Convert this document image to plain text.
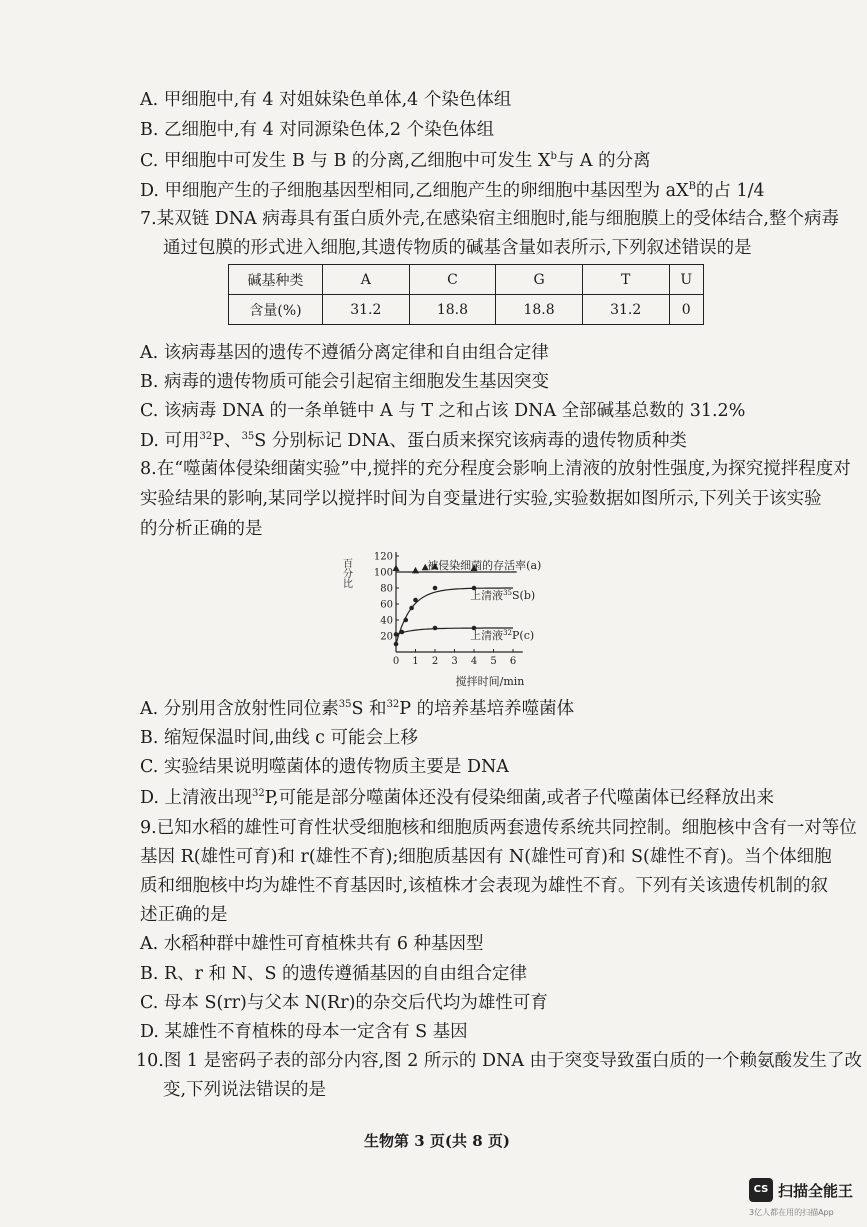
A. 甲细胞中,有 4 对姐妹染色单体,4 个染色体组
B. 乙细胞中,有 4 对同源染色体,2 个染色体组
C. 甲细胞中可发生 B 与 B 的分离,乙细胞中可发生 $X^b$与 A 的分离
D. 甲细胞产生的子细胞基因型相同,乙细胞产生的卵细胞中基因型为 $aX^B$的占 1/4
7.某双链 DNA 病毒具有蛋白质外壳,在感染宿主细胞时,能与细胞膜上的受体结合,整个病毒
通过包膜的形式进入细胞,其遗传物质的碱基含量如表所示,下列叙述错误的是
碱基种类	A	C	G	T	U
含量(%)	31.2	18.8	18.8	31.2	0
A. 该病毒基因的遗传不遵循分离定律和自由组合定律
B. 病毒的遗传物质可能会引起宿主细胞发生基因突变
C. 该病毒 DNA 的一条单链中 A 与 T 之和占该 DNA 全部碱基总数的 31.2%
D. 可用$^{32}$P、$^{35}$S 分别标记 DNA、蛋白质来探究该病毒的遗传物质种类
8.在“噬菌体侵染细菌实验”中,搅拌的充分程度会影响上清液的放射性强度,为探究搅拌程度对
实验结果的影响,某同学以搅拌时间为自变量进行实验,实验数据如图所示,下列关于该实验
的分析正确的是
百分比
20
40
60
80
100
120
0 1 2 3 4 5 6
被侵染细菌的存活率(a)
上清液$^{35}$S(b)
上清液$^{32}$P(c)
搅拌时间/min
A. 分别用含放射性同位素$^{35}$S 和$^{32}$P 的培养基培养噬菌体
B. 缩短保温时间,曲线 c 可能会上移
C. 实验结果说明噬菌体的遗传物质主要是 DNA
D. 上清液出现$^{32}$P,可能是部分噬菌体还没有侵染细菌,或者子代噬菌体已经释放出来
9.已知水稻的雄性可育性状受细胞核和细胞质两套遗传系统共同控制。细胞核中含有一对等位
基因 R(雄性可育)和 r(雄性不育);细胞质基因有 N(雄性可育)和 S(雄性不育)。当个体细胞
质和细胞核中均为雄性不育基因时,该植株才会表现为雄性不育。下列有关该遗传机制的叙
述正确的是
A. 水稻种群中雄性可育植株共有 6 种基因型
B. R、r 和 N、S 的遗传遵循基因的自由组合定律
C. 母本 S(rr)与父本 N(Rr)的杂交后代均为雄性可育
D. 某雄性不育植株的母本一定含有 S 基因
10.图 1 是密码子表的部分内容,图 2 所示的 DNA 由于突变导致蛋白质的一个赖氨酸发生了改
变,下列说法错误的是
生物第 3 页(共 8 页)
CS 扫描全能王
3亿人都在用的扫描App
